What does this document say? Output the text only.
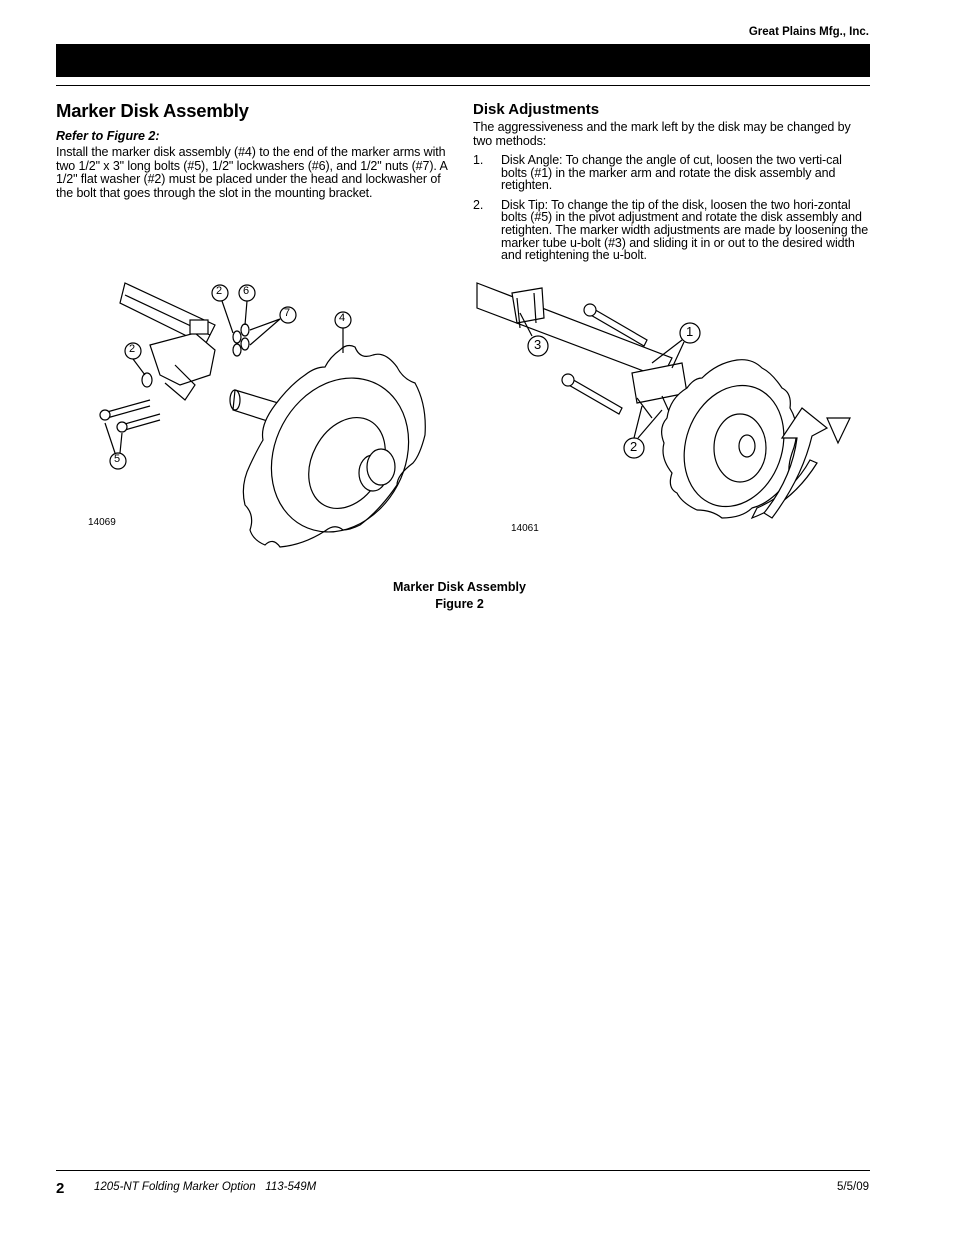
Great Plains Mfg., Inc.
Marker Disk Assembly
Refer to Figure 2:

Install the marker disk assembly (#4) to the end of the marker arms with two 1/2" x 3" long bolts (#5), 1/2" lockwashers (#6), and 1/2" nuts (#7). A 1/2" flat washer (#2) must be placed under the head and lockwasher of the bolt that goes through the slot in the mounting bracket.

Disk Adjustments

The aggressiveness and the mark left by the disk may be changed by two methods:

1. Disk Angle: To change the angle of cut, loosen the two verti-cal bolts (#1) in the marker arm and rotate the disk assembly and retighten.
2. Disk Tip: To change the tip of the disk, loosen the two hori-zontal bolts (#5) in the pivot adjustment and rotate the disk assembly and retighten. The marker width adjustments are made by loosening the marker tube u-bolt (#3) and sliding it in or out to the desired width and retightening the u-bolt.
2 6
7	4
2
5
14069
1
3
2
14061
Marker Disk Assembly
Figure 2
2	1205-NT Folding Marker Option   113-549M	5/5/09
